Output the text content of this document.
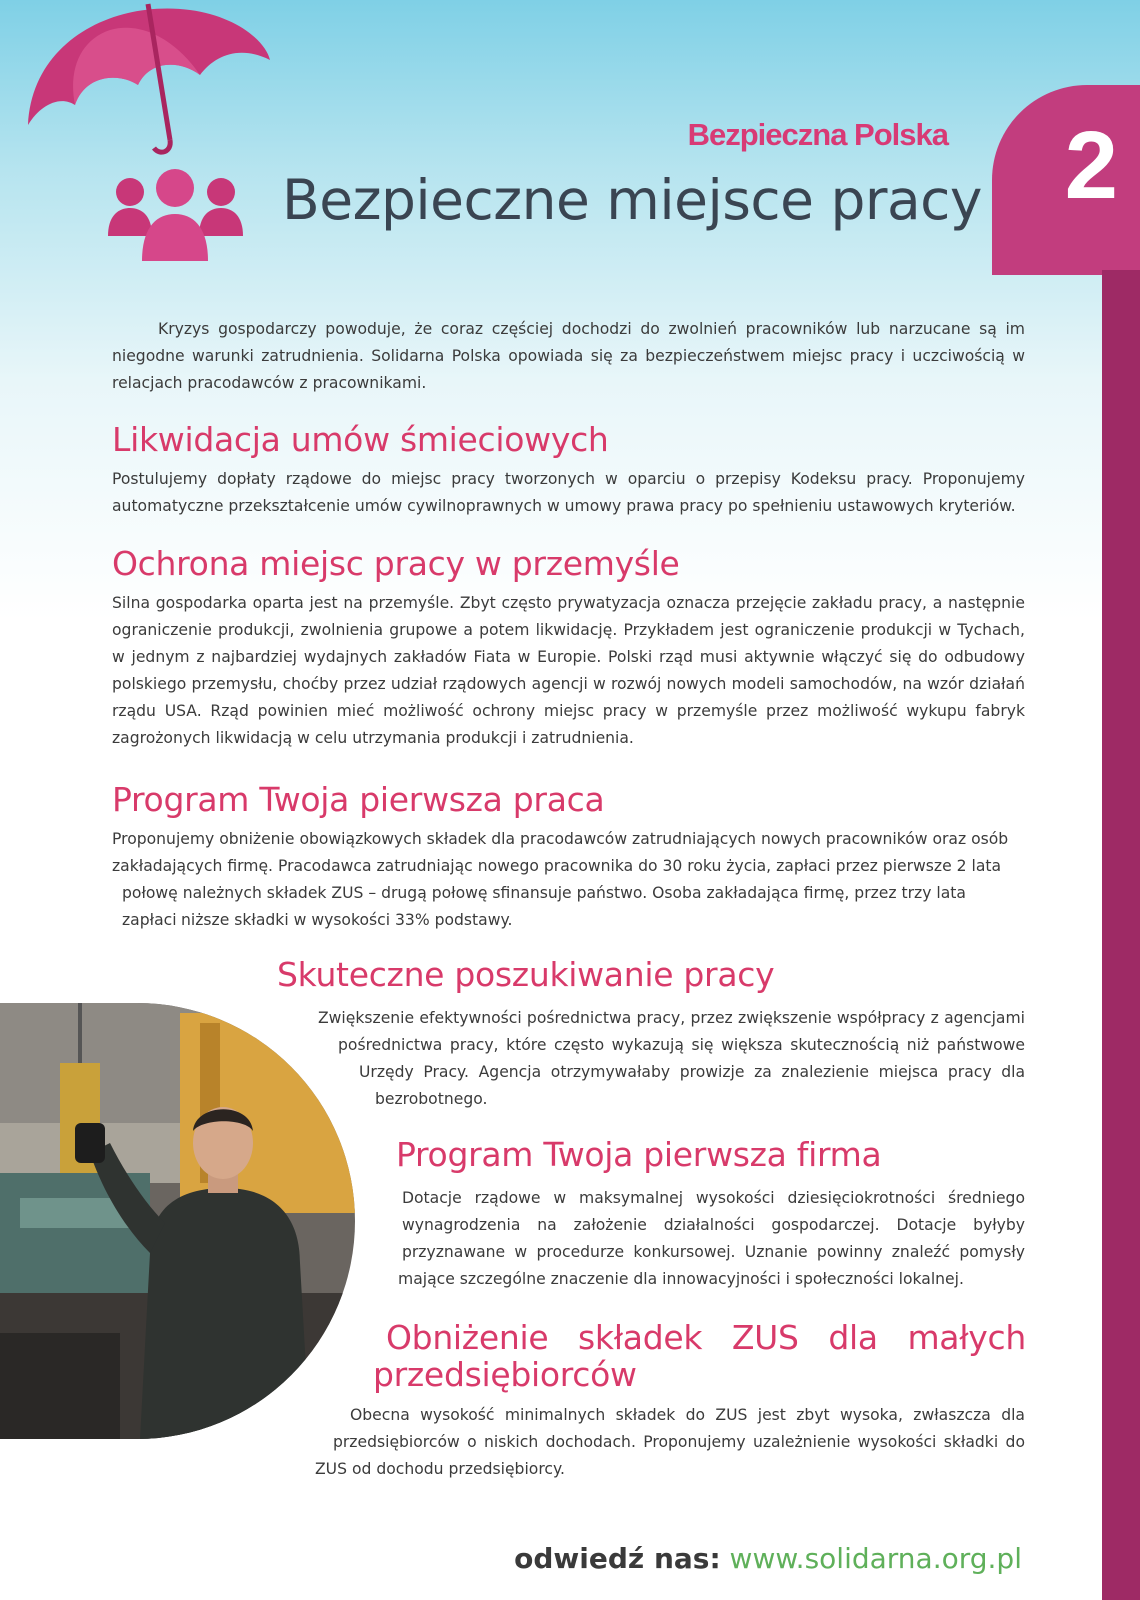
2
Bezpieczna Polska
Bezpieczne miejsce pracy

Kryzys gospodarczy powoduje, że coraz częściej dochodzi do zwolnień pracowników lub narzucane są im niegodne warunki zatrudnienia. Solidarna Polska opowiada się za bezpieczeństwem miejsc pracy i uczciwością w relacjach pracodawców z pracownikami.

Likwidacja umów śmieciowych

Postulujemy dopłaty rządowe do miejsc pracy tworzonych w oparciu o przepisy Kodeksu pracy. Proponujemy automatyczne przekształcenie umów cywilnoprawnych w umowy prawa pracy po spełnieniu ustawowych kryteriów.

Ochrona miejsc pracy w przemyśle

Silna gospodarka oparta jest na przemyśle. Zbyt często prywatyzacja oznacza przejęcie zakładu pracy, a następnie ograniczenie produkcji, zwolnienia grupowe a potem likwidację. Przykładem jest ograniczenie produkcji w Tychach, w jednym z najbardziej wydajnych zakładów Fiata w Europie. Polski rząd musi aktywnie włączyć się do odbudowy polskiego przemysłu, choćby przez udział rządowych agencji w rozwój nowych modeli samochodów, na wzór działań rządu USA. Rząd powinien mieć możliwość ochrony miejsc pracy w przemyśle przez możliwość wykupu fabryk zagrożonych likwidacją w celu utrzymania produkcji i zatrudnienia.

Program Twoja pierwsza praca

Proponujemy obniżenie obowiązkowych składek dla pracodawców zatrudniających nowych pracowników oraz osób

zakładających firmę. Pracodawca zatrudniając nowego pracownika do 30 roku życia, zapłaci przez pierwsze 2 lata

połowę należnych składek ZUS – drugą połowę sfinansuje państwo. Osoba zakładająca firmę, przez trzy lata zapłaci niższe składki w wysokości 33% podstawy.

Skuteczne poszukiwanie pracy

Zwiększenie efektywności pośrednictwa pracy, przez zwiększenie współpracy z agencjami

pośrednictwa pracy, które często wykazują się większa skutecznością niż państwowe

Urzędy Pracy. Agencja otrzymywałaby prowizje za znalezienie miejsca pracy dla

bezrobotnego.

Program Twoja pierwsza firma

Dotacje rządowe w maksymalnej wysokości dziesięciokrotności średniego

wynagrodzenia na założenie działalności gospodarczej. Dotacje byłyby

przyznawane w procedurze konkursowej. Uznanie powinny znaleźć pomysły

mające szczególne znaczenie dla innowacyjności i społeczności lokalnej.

Obniżenie składek ZUS dla małych
przedsiębiorców

Obecna wysokość minimalnych składek do ZUS jest zbyt wysoka, zwłaszcza dla

przedsiębiorców o niskich dochodach. Proponujemy uzależnienie wysokości składki do

ZUS od dochodu przedsiębiorcy.

odwiedź nas: www.solidarna.org.pl
